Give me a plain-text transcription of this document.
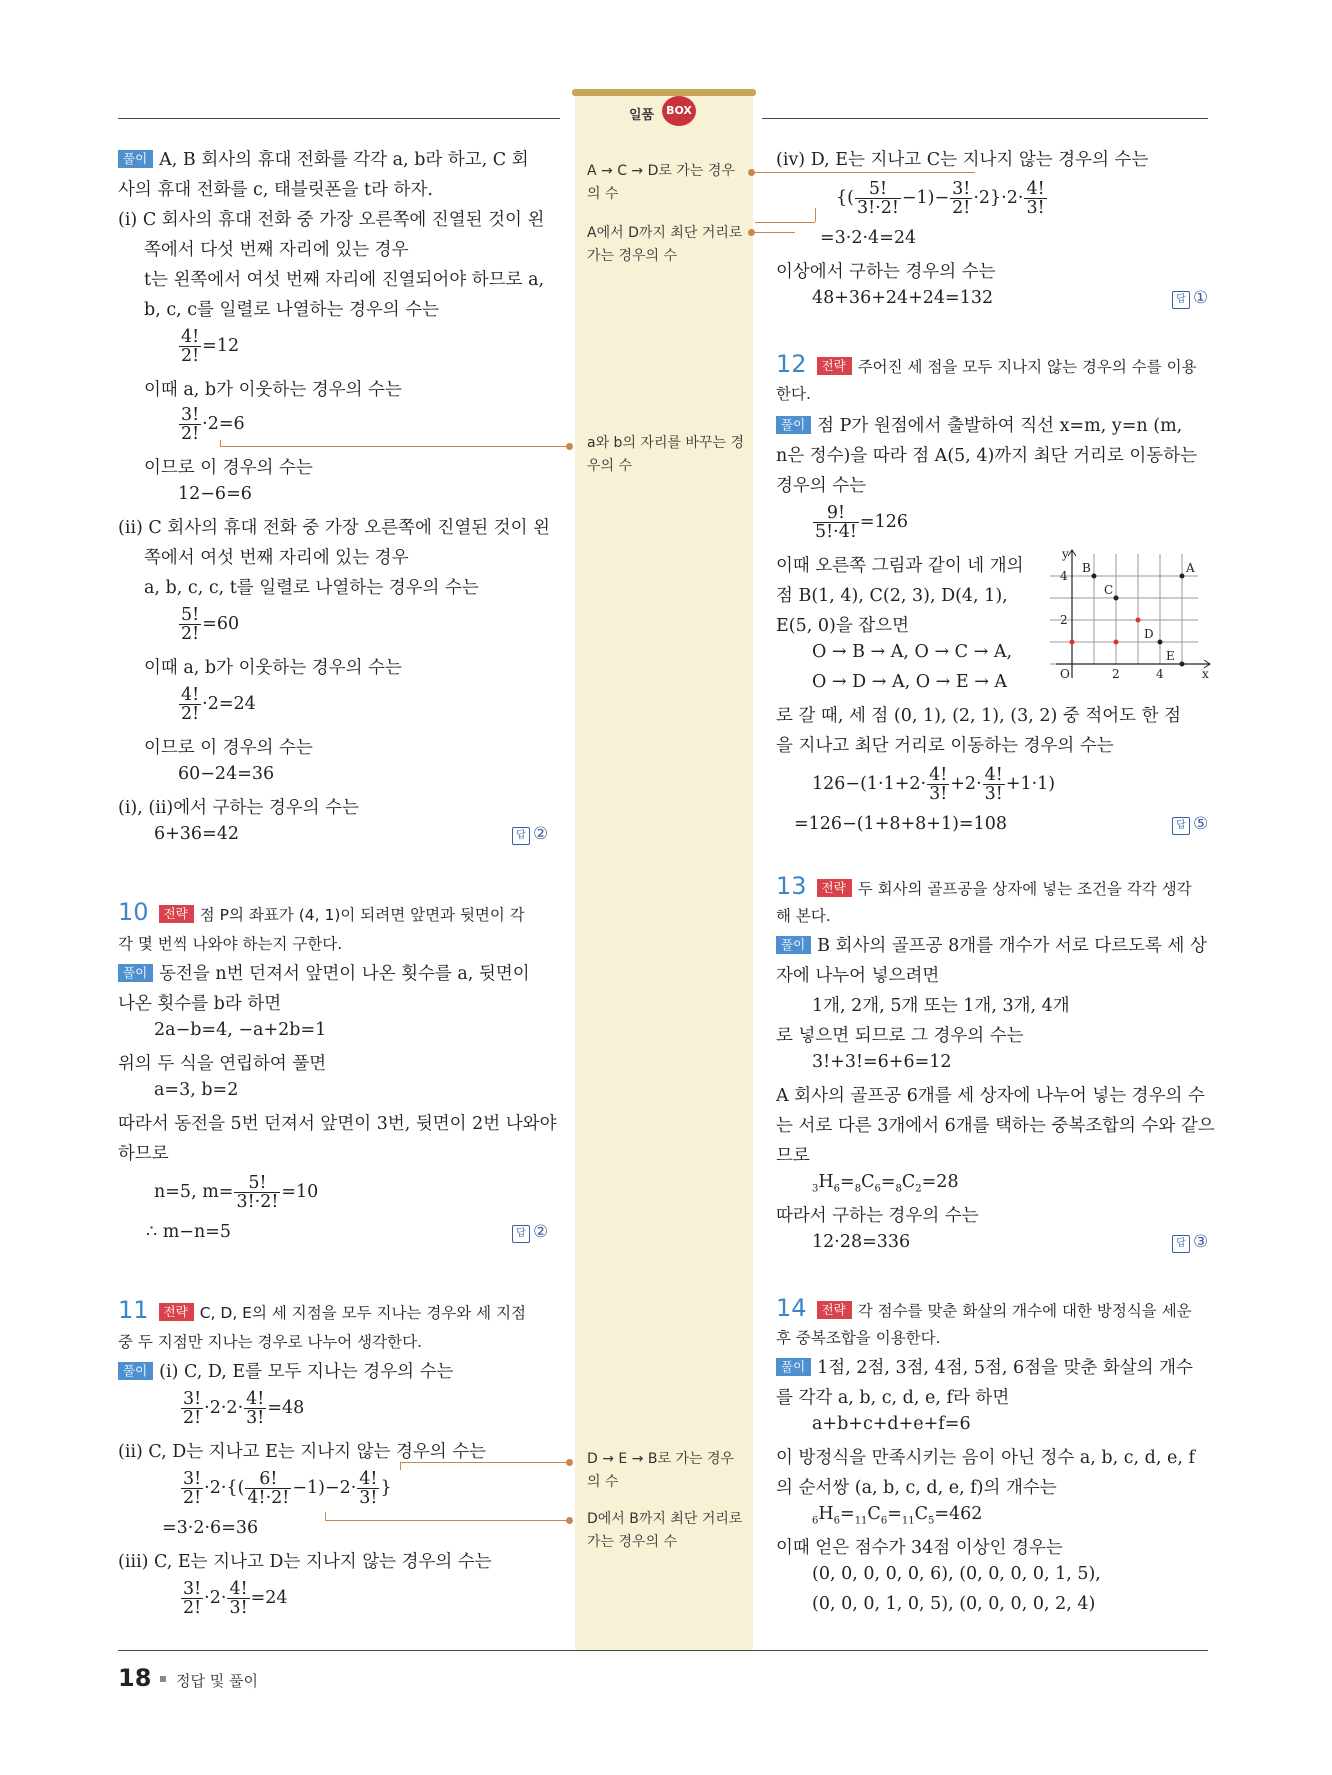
일품	BOX
풀이 A, B 회사의 휴대 전화를 각각 a, b라 하고, C 회
사의 휴대 전화를 c, 태블릿폰을 t라 하자.
(ⅰ) C 회사의 휴대 전화 중 가장 오른쪽에 진열된 것이 왼
쪽에서 다섯 번째 자리에 있는 경우
t는 왼쪽에서 여섯 번째 자리에 진열되어야 하므로 a,
b, c, c를 일렬로 나열하는 경우의 수는
$\frac{4!}{2!} =12$
이때 a, b가 이웃하는 경우의 수는
$\frac{3!}{2!} \cdot 2=6$
이므로 이 경우의 수는
12−6=6
(ⅱ) C 회사의 휴대 전화 중 가장 오른쪽에 진열된 것이 왼
쪽에서 여섯 번째 자리에 있는 경우
a, b, c, c, t를 일렬로 나열하는 경우의 수는
$\frac{5!}{2!} =60$
이때 a, b가 이웃하는 경우의 수는
$\frac{4!}{2!} \cdot 2=24$
이므로 이 경우의 수는
60−24=36
(ⅰ), (ⅱ)에서 구하는 경우의 수는
6+36=42	답 ②
10 전략 점 P의 좌표가 (4, 1)이 되려면 앞면과 뒷면이 각
각 몇 번씩 나와야 하는지 구한다.
풀이 동전을 n번 던져서 앞면이 나온 횟수를 a, 뒷면이
나온 횟수를 b라 하면
2a−b=4, −a+2b=1
위의 두 식을 연립하여 풀면
a=3, b=2
따라서 동전을 5번 던져서 앞면이 3번, 뒷면이 2번 나와야
하므로
n=5, $m= \frac{5!}{3!\cdot 2!} =10$
∴ m−n=5	답 ②
11 전략 C, D, E의 세 지점을 모두 지나는 경우와 세 지점
중 두 지점만 지나는 경우로 나누어 생각한다.
풀이 (ⅰ) C, D, E를 모두 지나는 경우의 수는
$\frac{3!}{2!} \cdot 2\cdot 2\cdot \frac{4!}{3!} =48$
(ⅱ) C, D는 지나고 E는 지나지 않는 경우의 수는
$\frac{3!}{2!} \cdot 2\cdot\{( \frac{6!}{4!\cdot 2!} -1)-2\cdot \frac{4!}{3!}$ }
=3·2·6=36
(ⅲ) C, E는 지나고 D는 지나지 않는 경우의 수는
$\frac{3!}{2!} \cdot 2\cdot \frac{4!}{3!} =24$
A → C → D로 가는 경우의 수
A에서 D까지 최단 거리로 가는 경우의 수
a와 b의 자리를 바꾸는 경우의 수
D → E → B로 가는 경우의 수
D에서 B까지 최단 거리로 가는 경우의 수
(ⅳ) D, E는 지나고 C는 지나지 않는 경우의 수는
{( $\frac{5!}{3!\cdot 2!} -1)- \frac{3!}{2!} \cdot 2\}\cdot 2\cdot \frac{4!}{3!}$
=3·2·4=24
이상에서 구하는 경우의 수는
48+36+24+24=132	답 ①
12 전략 주어진 세 점을 모두 지나지 않는 경우의 수를 이용
한다.
풀이 점 P가 원점에서 출발하여 직선 x=m, y=n (m,
n은 정수)을 따라 점 A(5, 4)까지 최단 거리로 이동하는
경우의 수는
$\frac{9!}{5!\cdot 4!} =126$
이때 오른쪽 그림과 같이 네 개의
점 B(1, 4), C(2, 3), D(4, 1),
E(5, 0)을 잡으면
O → B → A, O → C → A,
O → D → A, O → E → A
로 갈 때, 세 점 (0, 1), (2, 1), (3, 2) 중 적어도 한 점
을 지나고 최단 거리로 이동하는 경우의 수는
$126-(1\cdot 1+2\cdot \frac{4!}{3!} +2\cdot \frac{4!}{3!} +1\cdot 1)$
=126−(1+8+8+1)=108	답 ⑤
y
4
2
O	2	4	x
B	A
C
D
E
13 전략 두 회사의 골프공을 상자에 넣는 조건을 각각 생각
해 본다.
풀이 B 회사의 골프공 8개를 개수가 서로 다르도록 세 상
자에 나누어 넣으려면
1개, 2개, 5개 또는 1개, 3개, 4개
로 넣으면 되므로 그 경우의 수는
3!+3!=6+6=12
A 회사의 골프공 6개를 세 상자에 나누어 넣는 경우의 수
는 서로 다른 3개에서 6개를 택하는 중복조합의 수와 같으
므로
$_3H_6=_8C_6=_8C_2=28$
따라서 구하는 경우의 수는
12·28=336	답 ③
14 전략 각 점수를 맞춘 화살의 개수에 대한 방정식을 세운
후 중복조합을 이용한다.
풀이 1점, 2점, 3점, 4점, 5점, 6점을 맞춘 화살의 개수
를 각각 a, b, c, d, e, f라 하면
a+b+c+d+e+f=6
이 방정식을 만족시키는 음이 아닌 정수 a, b, c, d, e, f
의 순서쌍 (a, b, c, d, e, f)의 개수는
$_6H_6=_{11}C_6=_{11}C_5=462$
이때 얻은 점수가 34점 이상인 경우는
(0, 0, 0, 0, 0, 6), (0, 0, 0, 0, 1, 5),
(0, 0, 0, 1, 0, 5), (0, 0, 0, 0, 2, 4)
18 정답 및 풀이
